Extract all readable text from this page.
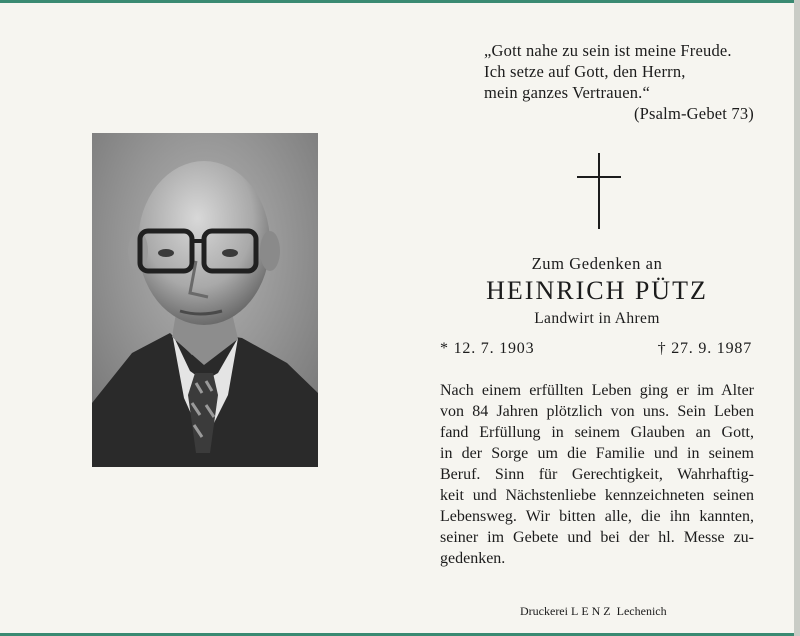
„Gott nahe zu sein ist meine Freude.
Ich setze auf Gott, den Herrn,
mein ganzes Vertrauen.“
(Psalm-Gebet 73)
Zum Gedenken an
HEINRICH PÜTZ
Landwirt in Ahrem
* 12. 7. 1903	† 27. 9. 1987
Nach einem erfüllten Leben ging er im Alter
von 84 Jahren plötzlich von uns. Sein Leben
fand Erfüllung in seinem Glauben an Gott,
in der Sorge um die Familie und in seinem
Beruf. Sinn für Gerechtigkeit, Wahrhaftig-
keit und Nächstenliebe kennzeichneten seinen
Lebensweg. Wir bitten alle, die ihn kannten,
seiner im Gebete und bei der hl. Messe zu-
gedenken.
Druckerei LENZ Lechenich
